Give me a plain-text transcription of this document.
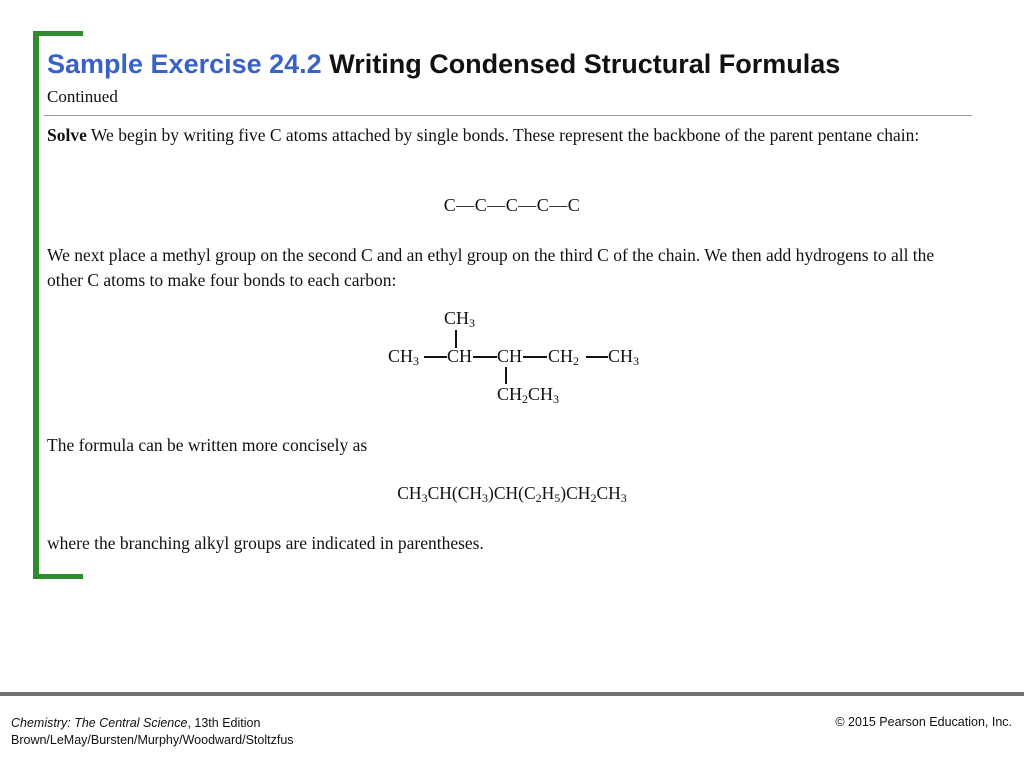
Sample Exercise 24.2 Writing Condensed Structural Formulas
Continued
Solve We begin by writing five C atoms attached by single bonds. These represent the backbone of the parent pentane chain:
C—C—C—C—C
We next place a methyl group on the second C and an ethyl group on the third C of the chain. We then add hydrogens to all the other C atoms to make four bonds to each carbon:
$CH_3$
$CH_3$ CH CH $CH_2$ $CH_3$
$CH_2CH_3$
The formula can be written more concisely as
$CH_3CH(CH_3)CH(C_2H_5)CH_2CH_3$
where the branching alkyl groups are indicated in parentheses.
Chemistry: The Central Science, 13th Edition
Brown/LeMay/Bursten/Murphy/Woodward/Stoltzfus
© 2015 Pearson Education, Inc.
